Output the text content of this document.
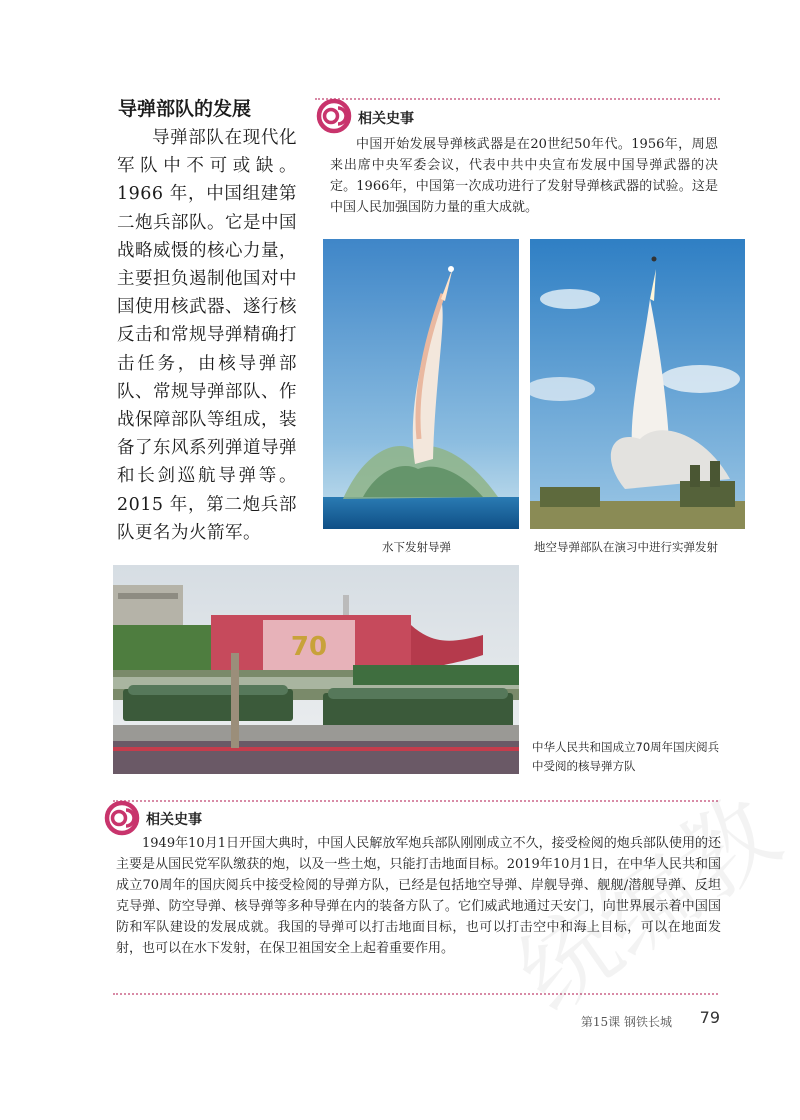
导弹部队的发展
导弹部队在现代化军队中不可或缺。1966 年，中国组建第二炮兵部队。它是中国战略威慑的核心力量，主要担负遏制他国对中国使用核武器、遂行核反击和常规导弹精确打击任务，由核导弹部队、常规导弹部队、作战保障部队等组成，装备了东风系列弹道导弹和长剑巡航导弹等。2015 年，第二炮兵部队更名为火箭军。
相关史事
中国开始发展导弹核武器是在20世纪50年代。1956年，周恩来出席中央军委会议，代表中共中央宣布发展中国导弹武器的决定。1966年，中国第一次成功进行了发射导弹核武器的试验。这是中国人民加强国防力量的重大成就。
水下发射导弹	地空导弹部队在演习中进行实弹发射
70
中华人民共和国成立70周年国庆阅兵中受阅的核导弹方队
相关史事
1949年10月1日开国大典时，中国人民解放军炮兵部队刚刚成立不久，接受检阅的炮兵部队使用的还主要是从国民党军队缴获的炮，以及一些土炮，只能打击地面目标。2019年10月1日，在中华人民共和国成立70周年的国庆阅兵中接受检阅的导弹方队，已经是包括地空导弹、岸舰导弹、舰舰/潜舰导弹、反坦克导弹、防空导弹、核导弹等多种导弹在内的装备方队了。它们威武地通过天安门，向世界展示着中国国防和军队建设的发展成就。我国的导弹可以打击地面目标，也可以打击空中和海上目标，可以在地面发射，也可以在水下发射，在保卫祖国安全上起着重要作用。
第15课 钢铁长城 79
